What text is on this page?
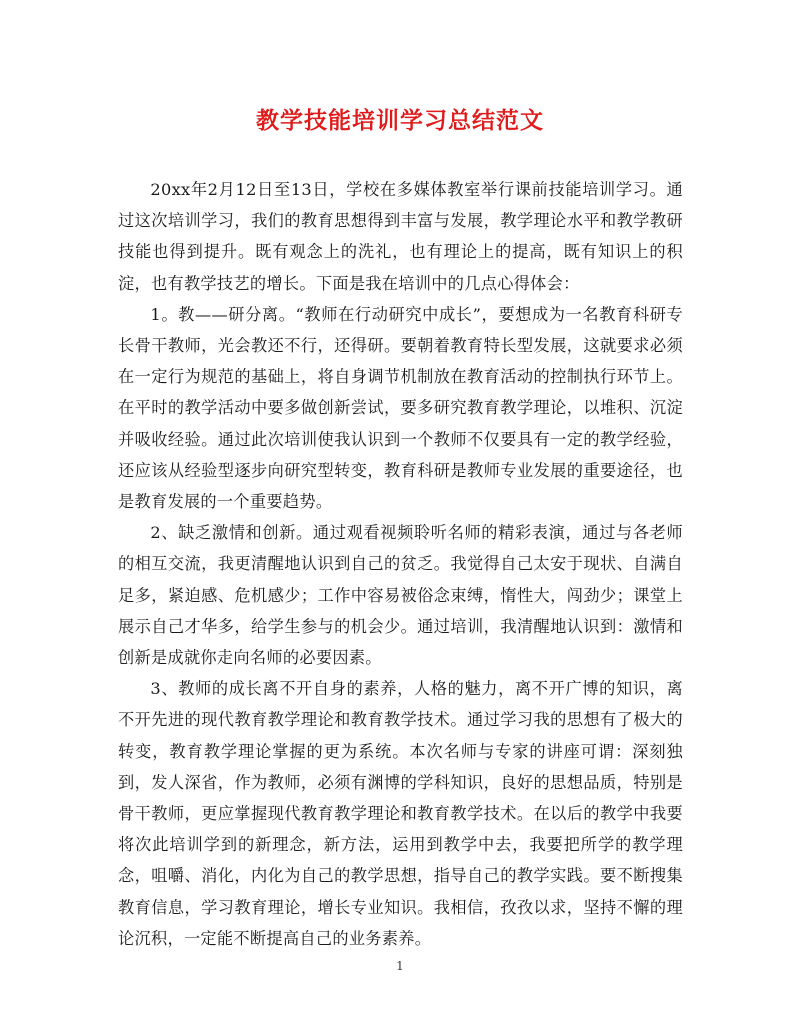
教学技能培训学习总结范文

20xx年2月12日至13日，学校在多媒体教室举行课前技能培训学习。通过这次培训学习，我们的教育思想得到丰富与发展，教学理论水平和教学教研技能也得到提升。既有观念上的洗礼，也有理论上的提高，既有知识上的积淀，也有教学技艺的增长。下面是我在培训中的几点心得体会：

1。教——研分离。“教师在行动研究中成长”，要想成为一名教育科研专长骨干教师，光会教还不行，还得研。要朝着教育特长型发展，这就要求必须在一定行为规范的基础上，将自身调节机制放在教育活动的控制执行环节上。在平时的教学活动中要多做创新尝试，要多研究教育教学理论，以堆积、沉淀并吸收经验。通过此次培训使我认识到一个教师不仅要具有一定的教学经验，还应该从经验型逐步向研究型转变，教育科研是教师专业发展的重要途径，也是教育发展的一个重要趋势。

2、缺乏激情和创新。通过观看视频聆听名师的精彩表演，通过与各老师的相互交流，我更清醒地认识到自己的贫乏。我觉得自己太安于现状、自满自足多，紧迫感、危机感少；工作中容易被俗念束缚，惰性大，闯劲少；课堂上展示自己才华多，给学生参与的机会少。通过培训，我清醒地认识到：激情和创新是成就你走向名师的必要因素。

3、教师的成长离不开自身的素养，人格的魅力，离不开广博的知识，离不开先进的现代教育教学理论和教育教学技术。通过学习我的思想有了极大的转变，教育教学理论掌握的更为系统。本次名师与专家的讲座可谓：深刻独到，发人深省，作为教师，必须有渊博的学科知识，良好的思想品质，特别是骨干教师，更应掌握现代教育教学理论和教育教学技术。在以后的教学中我要将次此培训学到的新理念，新方法，运用到教学中去，我要把所学的教学理念，咀嚼、消化，内化为自己的教学思想，指导自己的教学实践。要不断搜集教育信息，学习教育理论，增长专业知识。我相信，孜孜以求，坚持不懈的理论沉积，一定能不断提高自己的业务素养。

1
